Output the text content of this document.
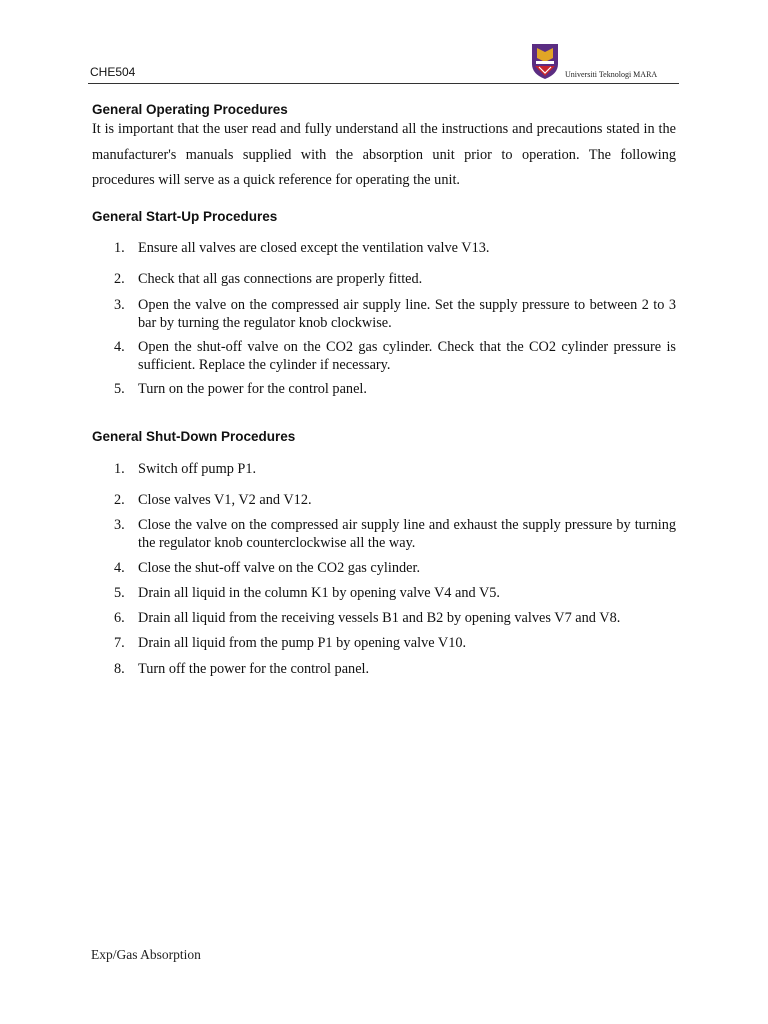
CHE504	Universiti Teknologi MARA
General Operating Procedures

It is important that the user read and fully understand all the instructions and precautions stated in the manufacturer's manuals supplied with the absorption unit prior to operation. The following procedures will serve as a quick reference for operating the unit.

General Start-Up Procedures
1. Ensure all valves are closed except the ventilation valve V13.
2. Check that all gas connections are properly fitted.
3. Open the valve on the compressed air supply line. Set the supply pressure to between 2 to 3 bar by turning the regulator knob clockwise.
4. Open the shut-off valve on the CO2 gas cylinder. Check that the CO2 cylinder pressure is sufficient. Replace the cylinder if necessary.
5. Turn on the power for the control panel.
General Shut-Down Procedures
1. Switch off pump P1.
2. Close valves V1, V2 and V12.
3. Close the valve on the compressed air supply line and exhaust the supply pressure by turning the regulator knob counterclockwise all the way.
4. Close the shut-off valve on the CO2 gas cylinder.
5. Drain all liquid in the column K1 by opening valve V4 and V5.
6. Drain all liquid from the receiving vessels B1 and B2 by opening valves V7 and V8.
7. Drain all liquid from the pump P1 by opening valve V10.
8. Turn off the power for the control panel.
Exp/Gas Absorption
